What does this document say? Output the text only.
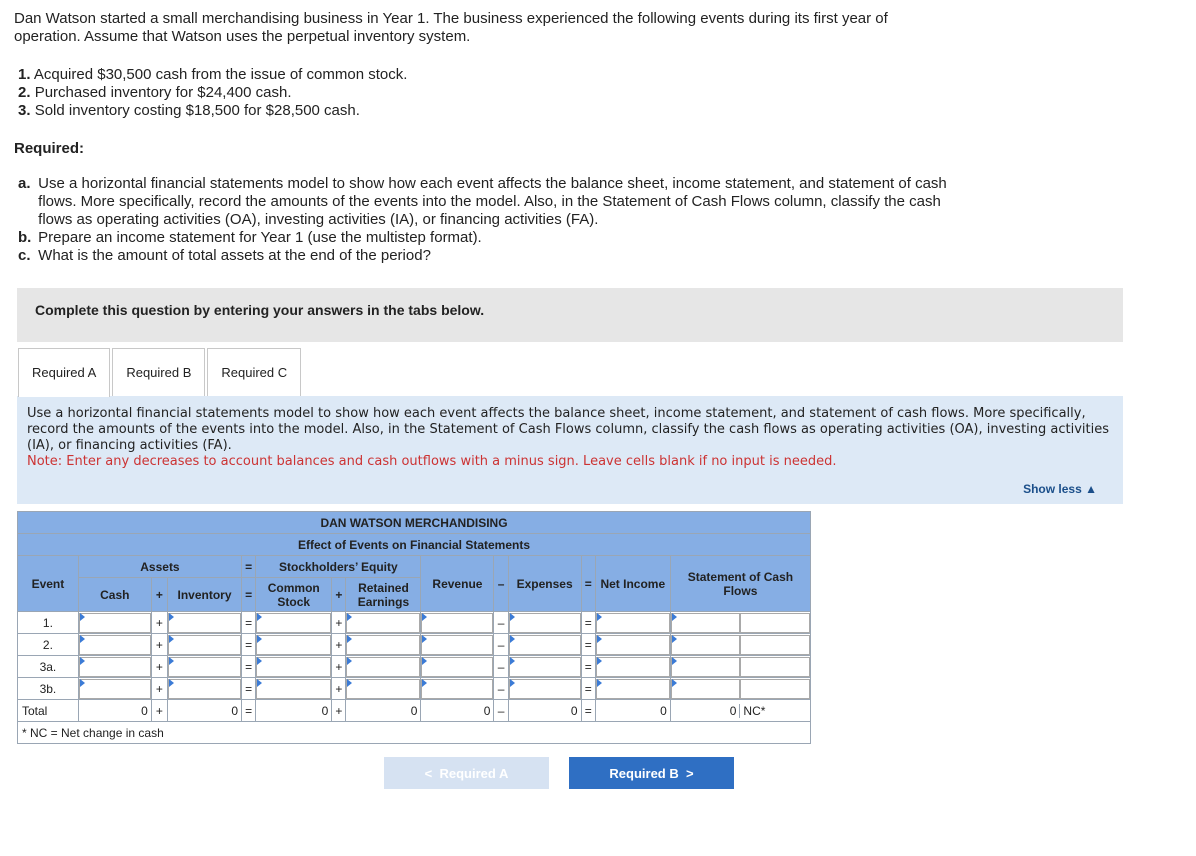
Dan Watson started a small merchandising business in Year 1. The business experienced the following events during its first year of operation. Assume that Watson uses the perpetual inventory system.
1. Acquired $30,500 cash from the issue of common stock.
2. Purchased inventory for $24,400 cash.
3. Sold inventory costing $18,500 for $28,500 cash.
Required:
a.
Use a horizontal financial statements model to show how each event affects the balance sheet, income statement, and statement of cash flows. More specifically, record the amounts of the events into the model. Also, in the Statement of Cash Flows column, classify the cash flows as operating activities (OA), investing activities (IA), or financing activities (FA).
b.
Prepare an income statement for Year 1 (use the multistep format).
c.
What is the amount of total assets at the end of the period?
Complete this question by entering your answers in the tabs below.
Required A	Required B	Required C
Use a horizontal financial statements model to show how each event affects the balance sheet, income statement, and statement of cash flows. More specifically, record the amounts of the events into the model. Also, in the Statement of Cash Flows column, classify the cash flows as operating activities (OA), investing activities (IA), or financing activities (FA).
Note: Enter any decreases to account balances and cash outflows with a minus sign. Leave cells blank if no input is needed.
Show less ▲
DAN WATSON MERCHANDISING													
Effect of Events on Financial Statements													
Event	Assets			=	Stockholders’ Equity			Revenue	–	Expenses	=	Net Income	Statement of Cash Flows
	Cash	+	Inventory	=	Common Stock	+	Retained Earnings						
1.		+		=		+			–		=	

2.		+		=		+			–		=	

3a.		+		=		+			–		=	

3b.		+		=		+			–		=	

Total	0	+	0	=	0	+	0	0	–	0	=	0	0 NC*

* NC = Net change in cash													
< Required A	Required B >
